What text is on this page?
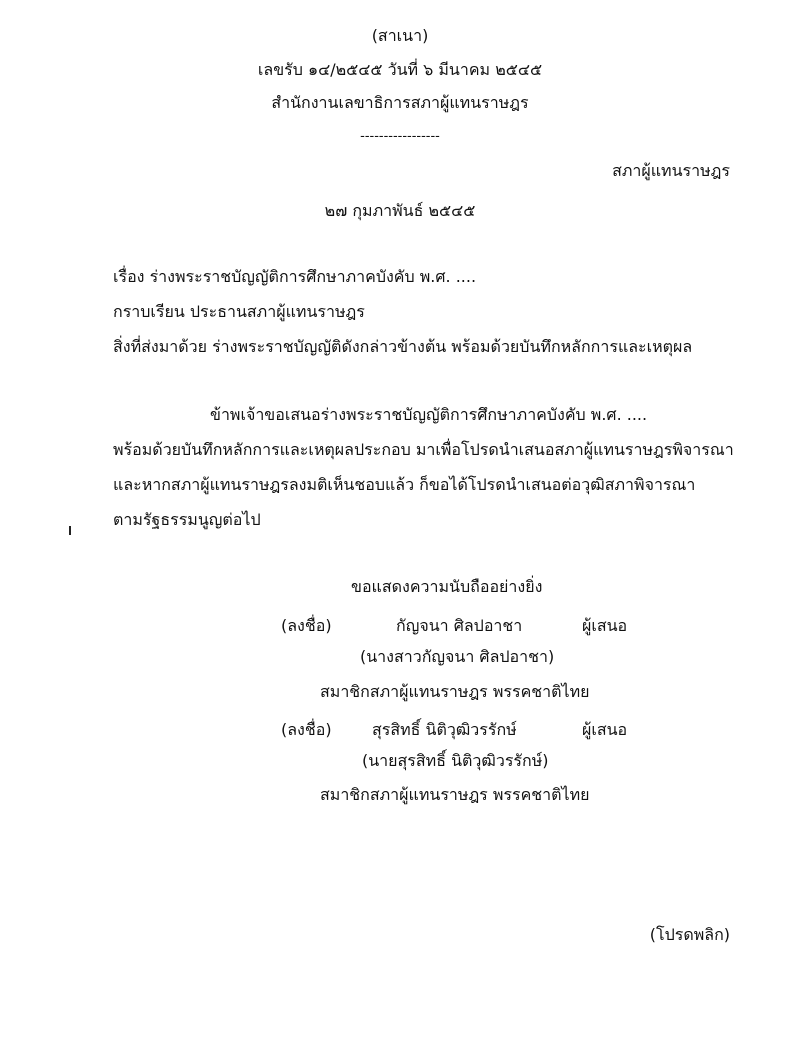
(สาเนา)
เลขรับ ๑๔/๒๕๔๕ วันที่ ๖ มีนาคม ๒๕๔๕
สำนักงานเลขาธิการสภาผู้แทนราษฎร
-----------------
สภาผู้แทนราษฎร
๒๗ กุมภาพันธ์ ๒๕๔๕
เรื่อง ร่างพระราชบัญญัติการศึกษาภาคบังคับ พ.ศ. ....
กราบเรียน ประธานสภาผู้แทนราษฎร
สิ่งที่ส่งมาด้วย ร่างพระราชบัญญัติดังกล่าวข้างต้น พร้อมด้วยบันทึกหลักการและเหตุผล
ข้าพเจ้าขอเสนอร่างพระราชบัญญัติการศึกษาภาคบังคับ พ.ศ. ....
พร้อมด้วยบันทึกหลักการและเหตุผลประกอบ มาเพื่อโปรดนำเสนอสภาผู้แทนราษฎรพิจารณา
และหากสภาผู้แทนราษฎรลงมติเห็นชอบแล้ว ก็ขอได้โปรดนำเสนอต่อวุฒิสภาพิจารณา
ตามรัฐธรรมนูญต่อไป
ขอแสดงความนับถืออย่างยิ่ง
(ลงชื่อ)	กัญจนา ศิลปอาชา	ผู้เสนอ
(นางสาวกัญจนา ศิลปอาชา)
สมาชิกสภาผู้แทนราษฎร พรรคชาติไทย
(ลงชื่อ)	สุรสิทธิ์ นิติวุฒิวรรักษ์	ผู้เสนอ
(นายสุรสิทธิ์ นิติวุฒิวรรักษ์)
สมาชิกสภาผู้แทนราษฎร พรรคชาติไทย
(โปรดพลิก)
